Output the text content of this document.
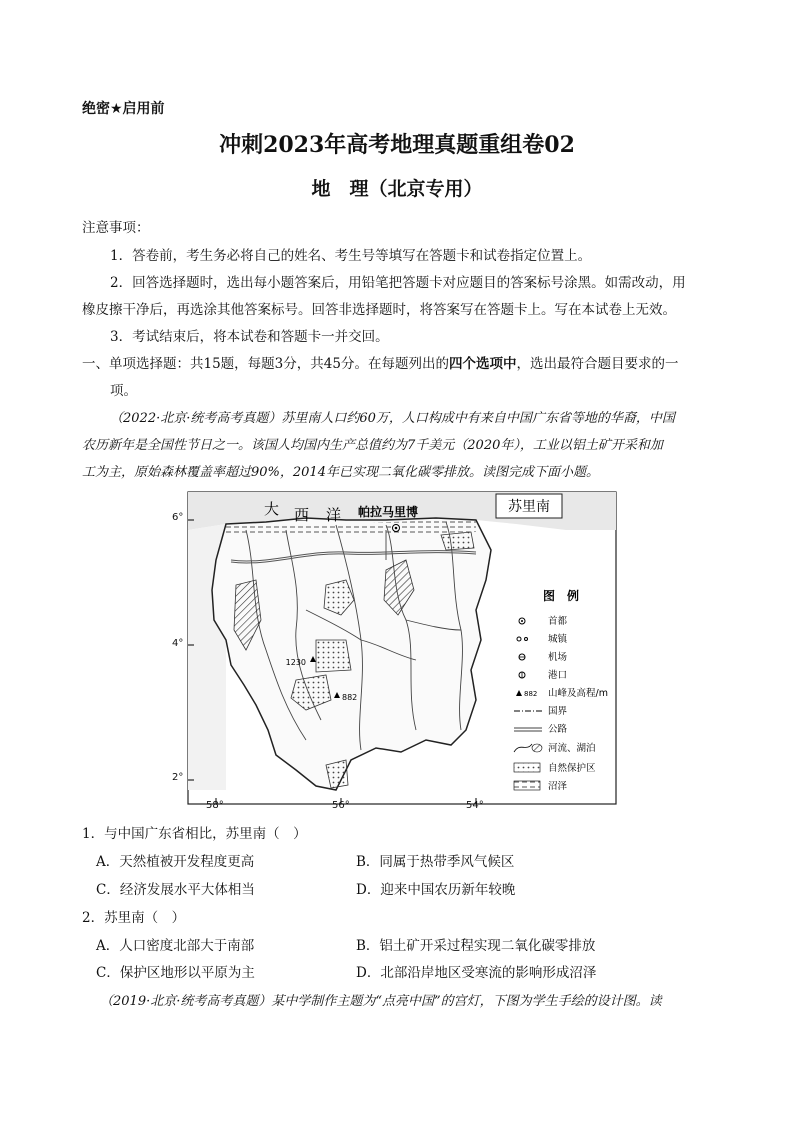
绝密★启用前
冲刺2023年高考地理真题重组卷02
地　理（北京专用）
注意事项：
1．答卷前，考生务必将自己的姓名、考生号等填写在答题卡和试卷指定位置上。
2．回答选择题时，选出每小题答案后，用铅笔把答题卡对应题目的答案标号涂黑。如需改动，用
橡皮擦干净后，再选涂其他答案标号。回答非选择题时，将答案写在答题卡上。写在本试卷上无效。
3．考试结束后，将本试卷和答题卡一并交回。
一、单项选择题：共15题，每题3分，共45分。在每题列出的四个选项中，选出最符合题目要求的一
项。
（2022·北京·统考高考真题）苏里南人口约60万，人口构成中有来自中国广东省等地的华裔，中国
农历新年是全国性节日之一。该国人均国内生产总值约为7千美元（2020年），工业以铝土矿开采和加
工为主，原始森林覆盖率超过90%，2014年已实现二氧化碳零排放。读图完成下面小题。
大 西 洋 帕拉马里博
1230
882
苏里南
图　例
首都
城镇
机场
港口
882 山峰及高程/m
国界
公路
河流、湖泊
自然保护区
沼泽
6°
4°
2°
58°	56°	54°
1．与中国广东省相比，苏里南（　）
A．天然植被开发程度更高	B．同属于热带季风气候区
C．经济发展水平大体相当	D．迎来中国农历新年较晚
2．苏里南（　）
A．人口密度北部大于南部	B．铝土矿开采过程实现二氧化碳零排放
C．保护区地形以平原为主	D．北部沿岸地区受寒流的影响形成沼泽
（2019·北京·统考高考真题）某中学制作主题为“点亮中国”的宫灯，下图为学生手绘的设计图。读
